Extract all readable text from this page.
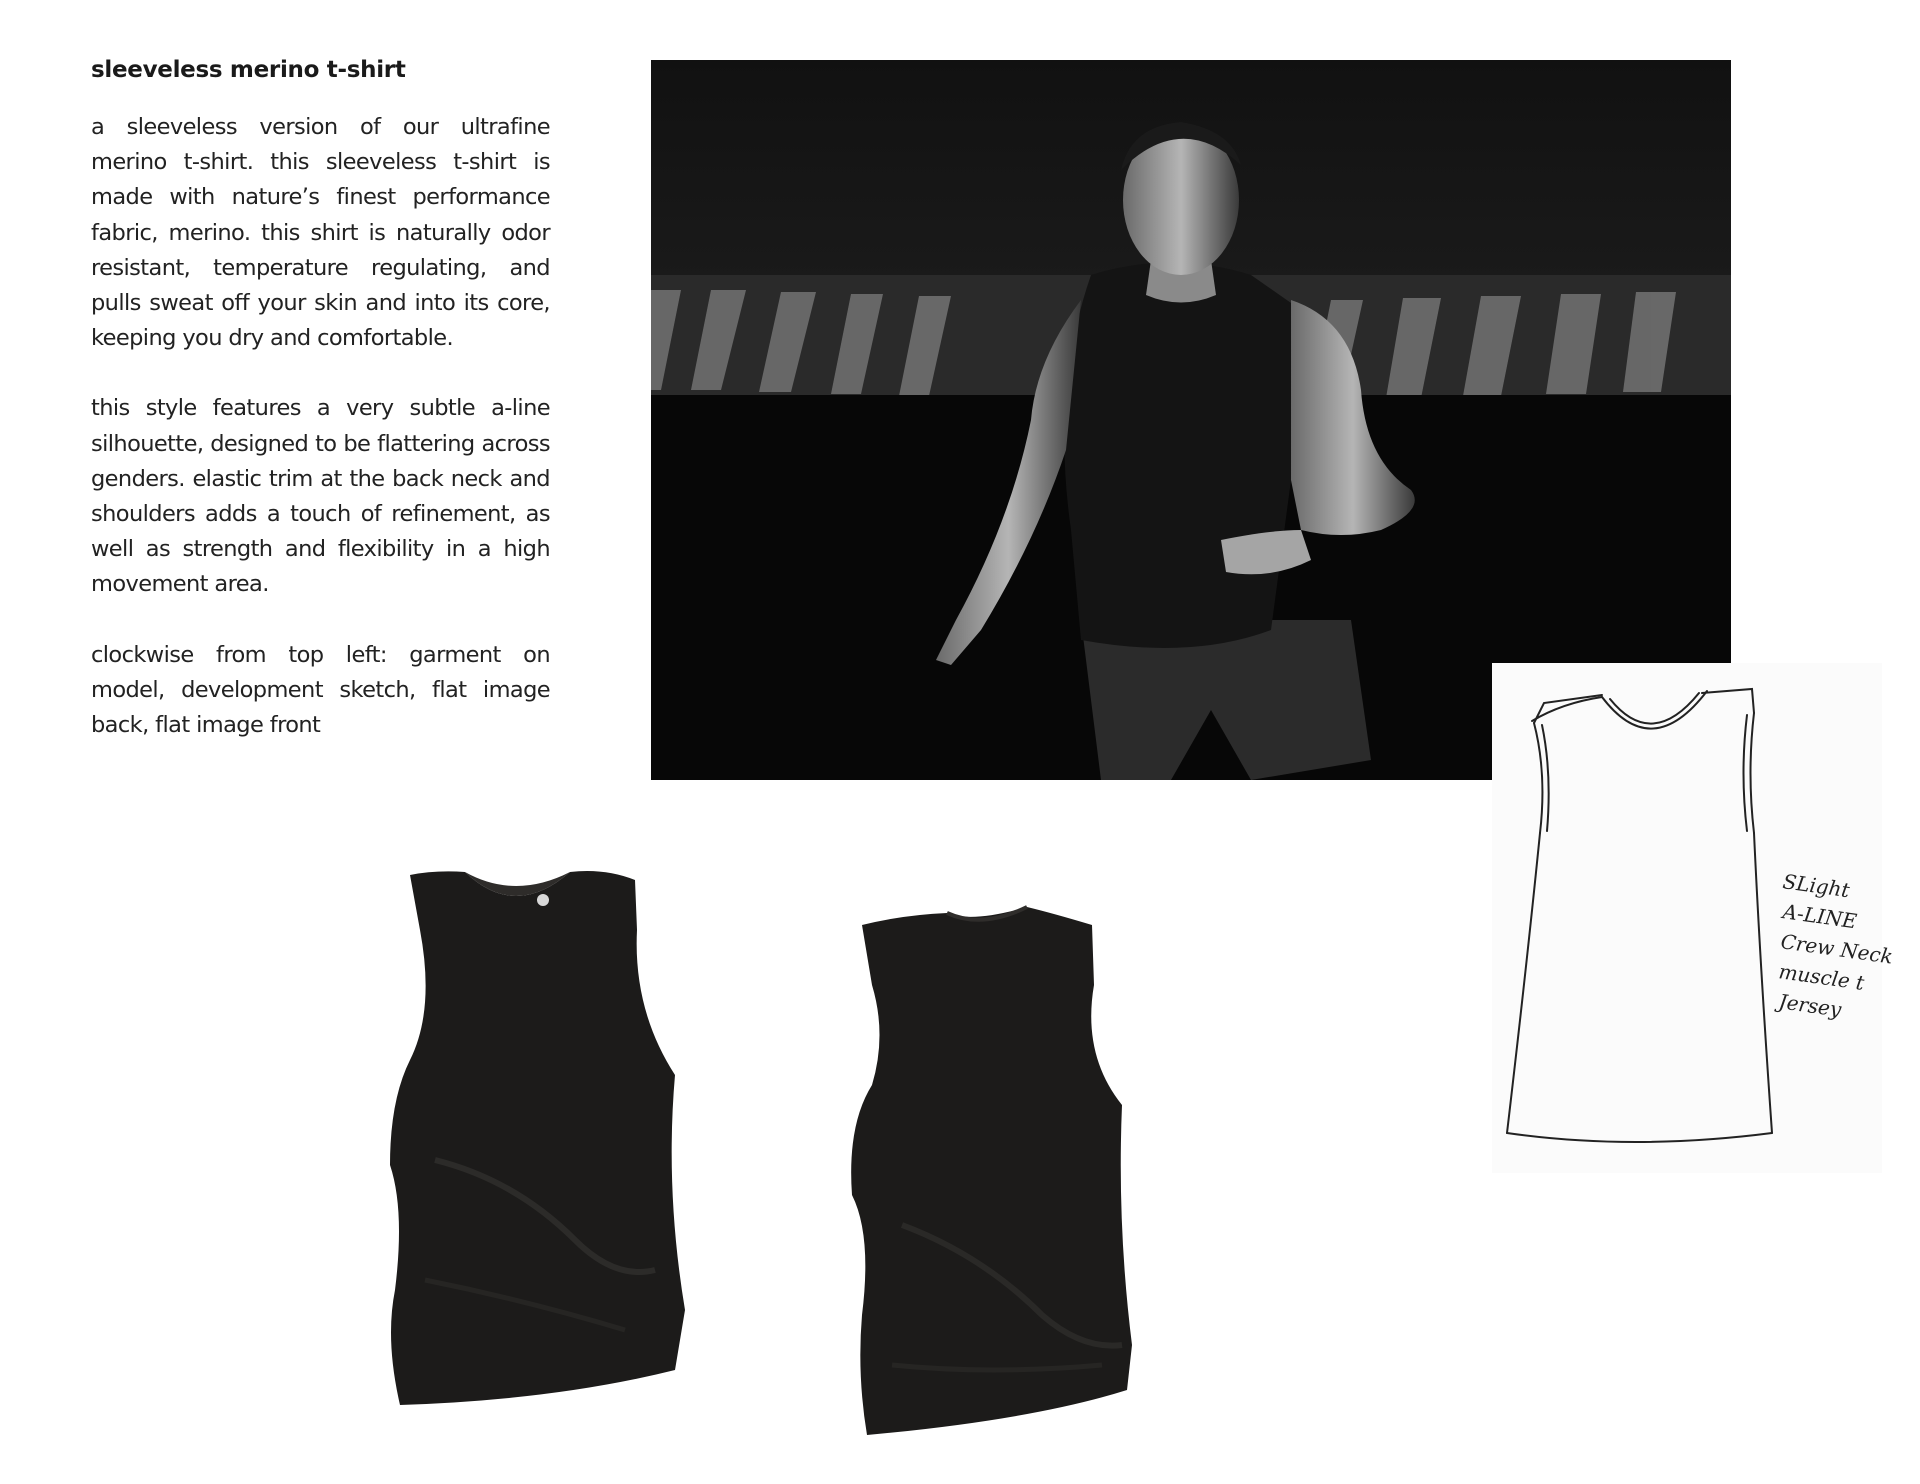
sleeveless merino t-shirt

a sleeveless version of our ultrafine merino t-shirt. this sleeveless t-shirt is made with nature’s finest performance fabric, merino. this shirt is naturally odor resistant, temperature regulating, and pulls sweat off your skin and into its core, keeping you dry and comfortable.

this style features a very subtle a-line silhouette, designed to be flattering across genders. elastic trim at the back neck and shoulders adds a touch of refinement, as well as strength and flexibility in a high movement area.

clockwise from top left: garment on model, development sketch, flat image back, flat image front

SLight
A-LINE
Crew Neck
muscle t
Jersey
